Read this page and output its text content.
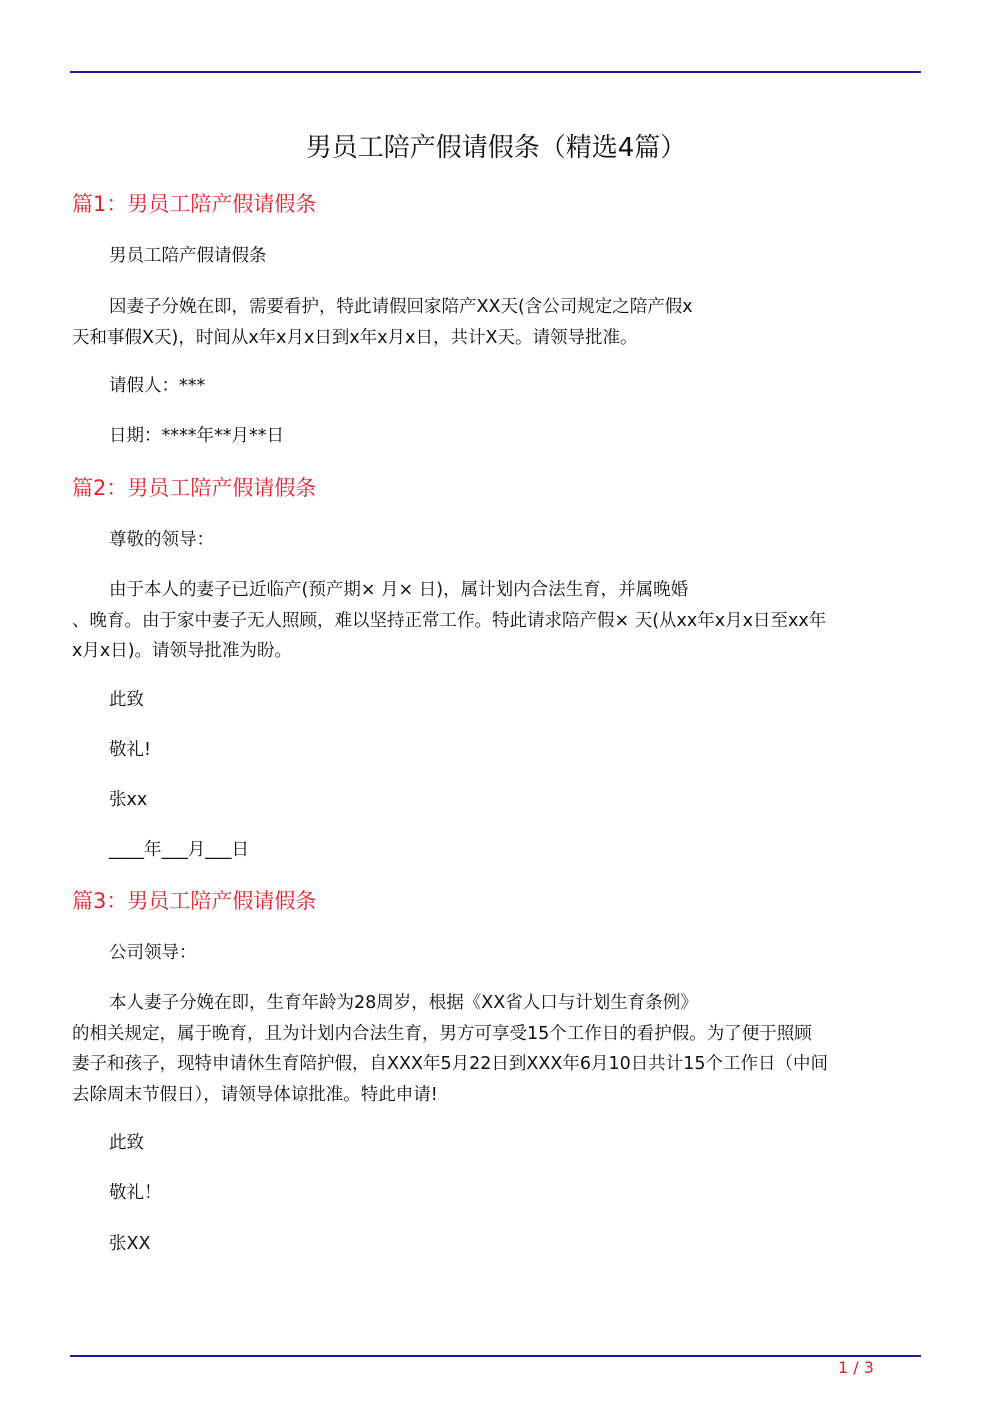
男员工陪产假请假条（精选4篇）
篇1：男员工陪产假请假条
男员工陪产假请假条
因妻子分娩在即，需要看护，特此请假回家陪产XX天(含公司规定之陪产假x
天和事假X天)，时间从x年x月x日到x年x月x日，共计X天。请领导批准。
请假人：***
日期：****年**月**日
篇2：男员工陪产假请假条
尊敬的领导：
由于本人的妻子已近临产(预产期× 月× 日)，属计划内合法生育，并属晚婚
、晚育。由于家中妻子无人照顾，难以坚持正常工作。特此请求陪产假× 天(从xx年x月x日至xx年
x月x日)。请领导批准为盼。
此致
敬礼!
张xx
____年___月___日
篇3：男员工陪产假请假条
公司领导：
本人妻子分娩在即，生育年龄为28周岁，根据《XX省人口与计划生育条例》
的相关规定，属于晚育，且为计划内合法生育，男方可享受15个工作日的看护假。为了便于照顾
妻子和孩子，现特申请休生育陪护假，自XXX年5月22日到XXX年6月10日共计15个工作日（中间
去除周末节假日），请领导体谅批准。特此申请!
此致
敬礼！
张XX
1 / 3
